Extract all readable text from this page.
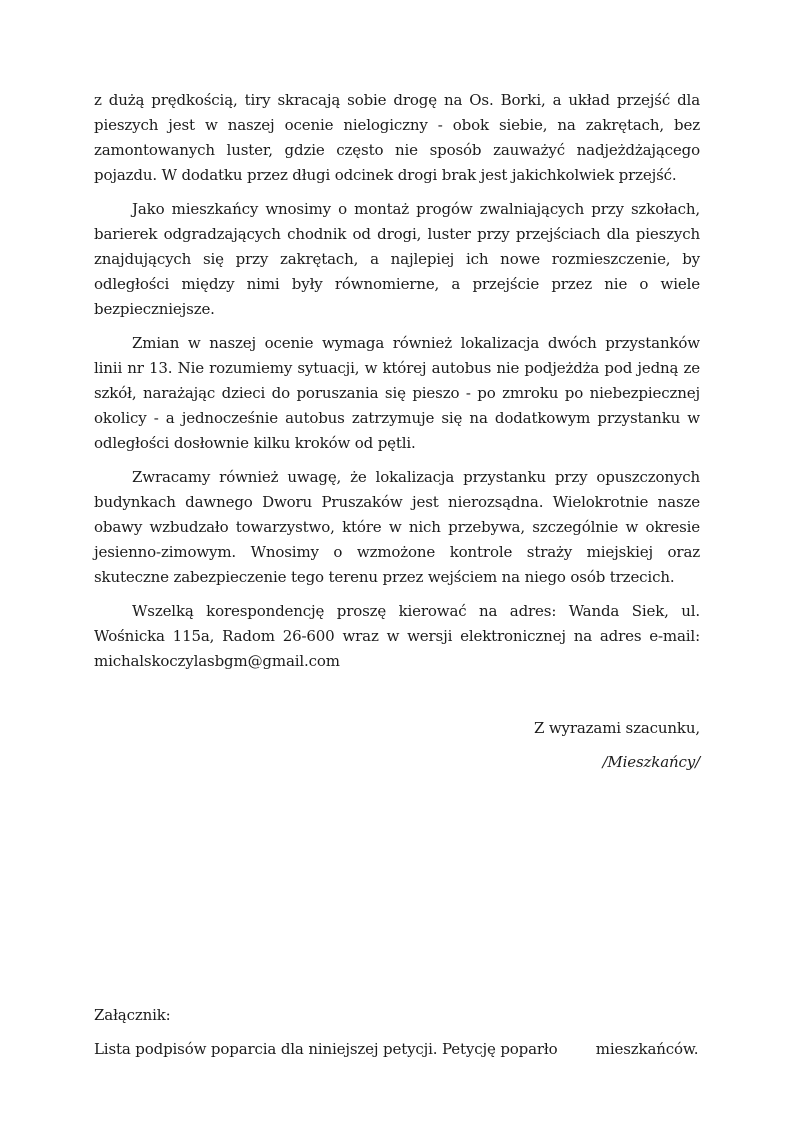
z dużą prędkością, tiry skracają sobie drogę na Os. Borki, a układ przejść dla pieszych jest w naszej ocenie nielogiczny - obok siebie, na zakrętach, bez zamontowanych luster, gdzie często nie sposób zauważyć nadjeżdżającego pojazdu. W dodatku przez długi odcinek drogi brak jest jakichkolwiek przejść.

Jako mieszkańcy wnosimy o montaż progów zwalniających przy szkołach, barierek odgradzających chodnik od drogi, luster przy przejściach dla pieszych znajdujących się przy zakrętach, a najlepiej ich nowe rozmieszczenie, by odległości między nimi były równomierne, a przejście przez nie o wiele bezpieczniejsze.

Zmian w naszej ocenie wymaga również lokalizacja dwóch przystanków linii nr 13. Nie rozumiemy sytuacji, w której autobus nie podjeżdża pod jedną ze szkół, narażając dzieci do poruszania się pieszo - po zmroku po niebezpiecznej okolicy - a jednocześnie autobus zatrzymuje się na dodatkowym przystanku w odległości dosłownie kilku kroków od pętli.

Zwracamy również uwagę, że lokalizacja przystanku przy opuszczonych budynkach dawnego Dworu Pruszaków jest nierozsądna. Wielokrotnie nasze obawy wzbudzało towarzystwo, które w nich przebywa, szczególnie w okresie jesienno-zimowym. Wnosimy o wzmożone kontrole straży miejskiej oraz skuteczne zabezpieczenie tego terenu przez wejściem na niego osób trzecich.

Wszelką korespondencję proszę kierować na adres: Wanda Siek, ul. Wośnicka 115a, Radom 26-600 wraz w wersji elektronicznej na adres e-mail: michalskoczylasbgm@gmail.com

Z wyrazami szacunku,

/Mieszkańcy/

Załącznik:

Lista podpisów poparcia dla niniejszej petycji. Petycję poparło  mieszkańców.
